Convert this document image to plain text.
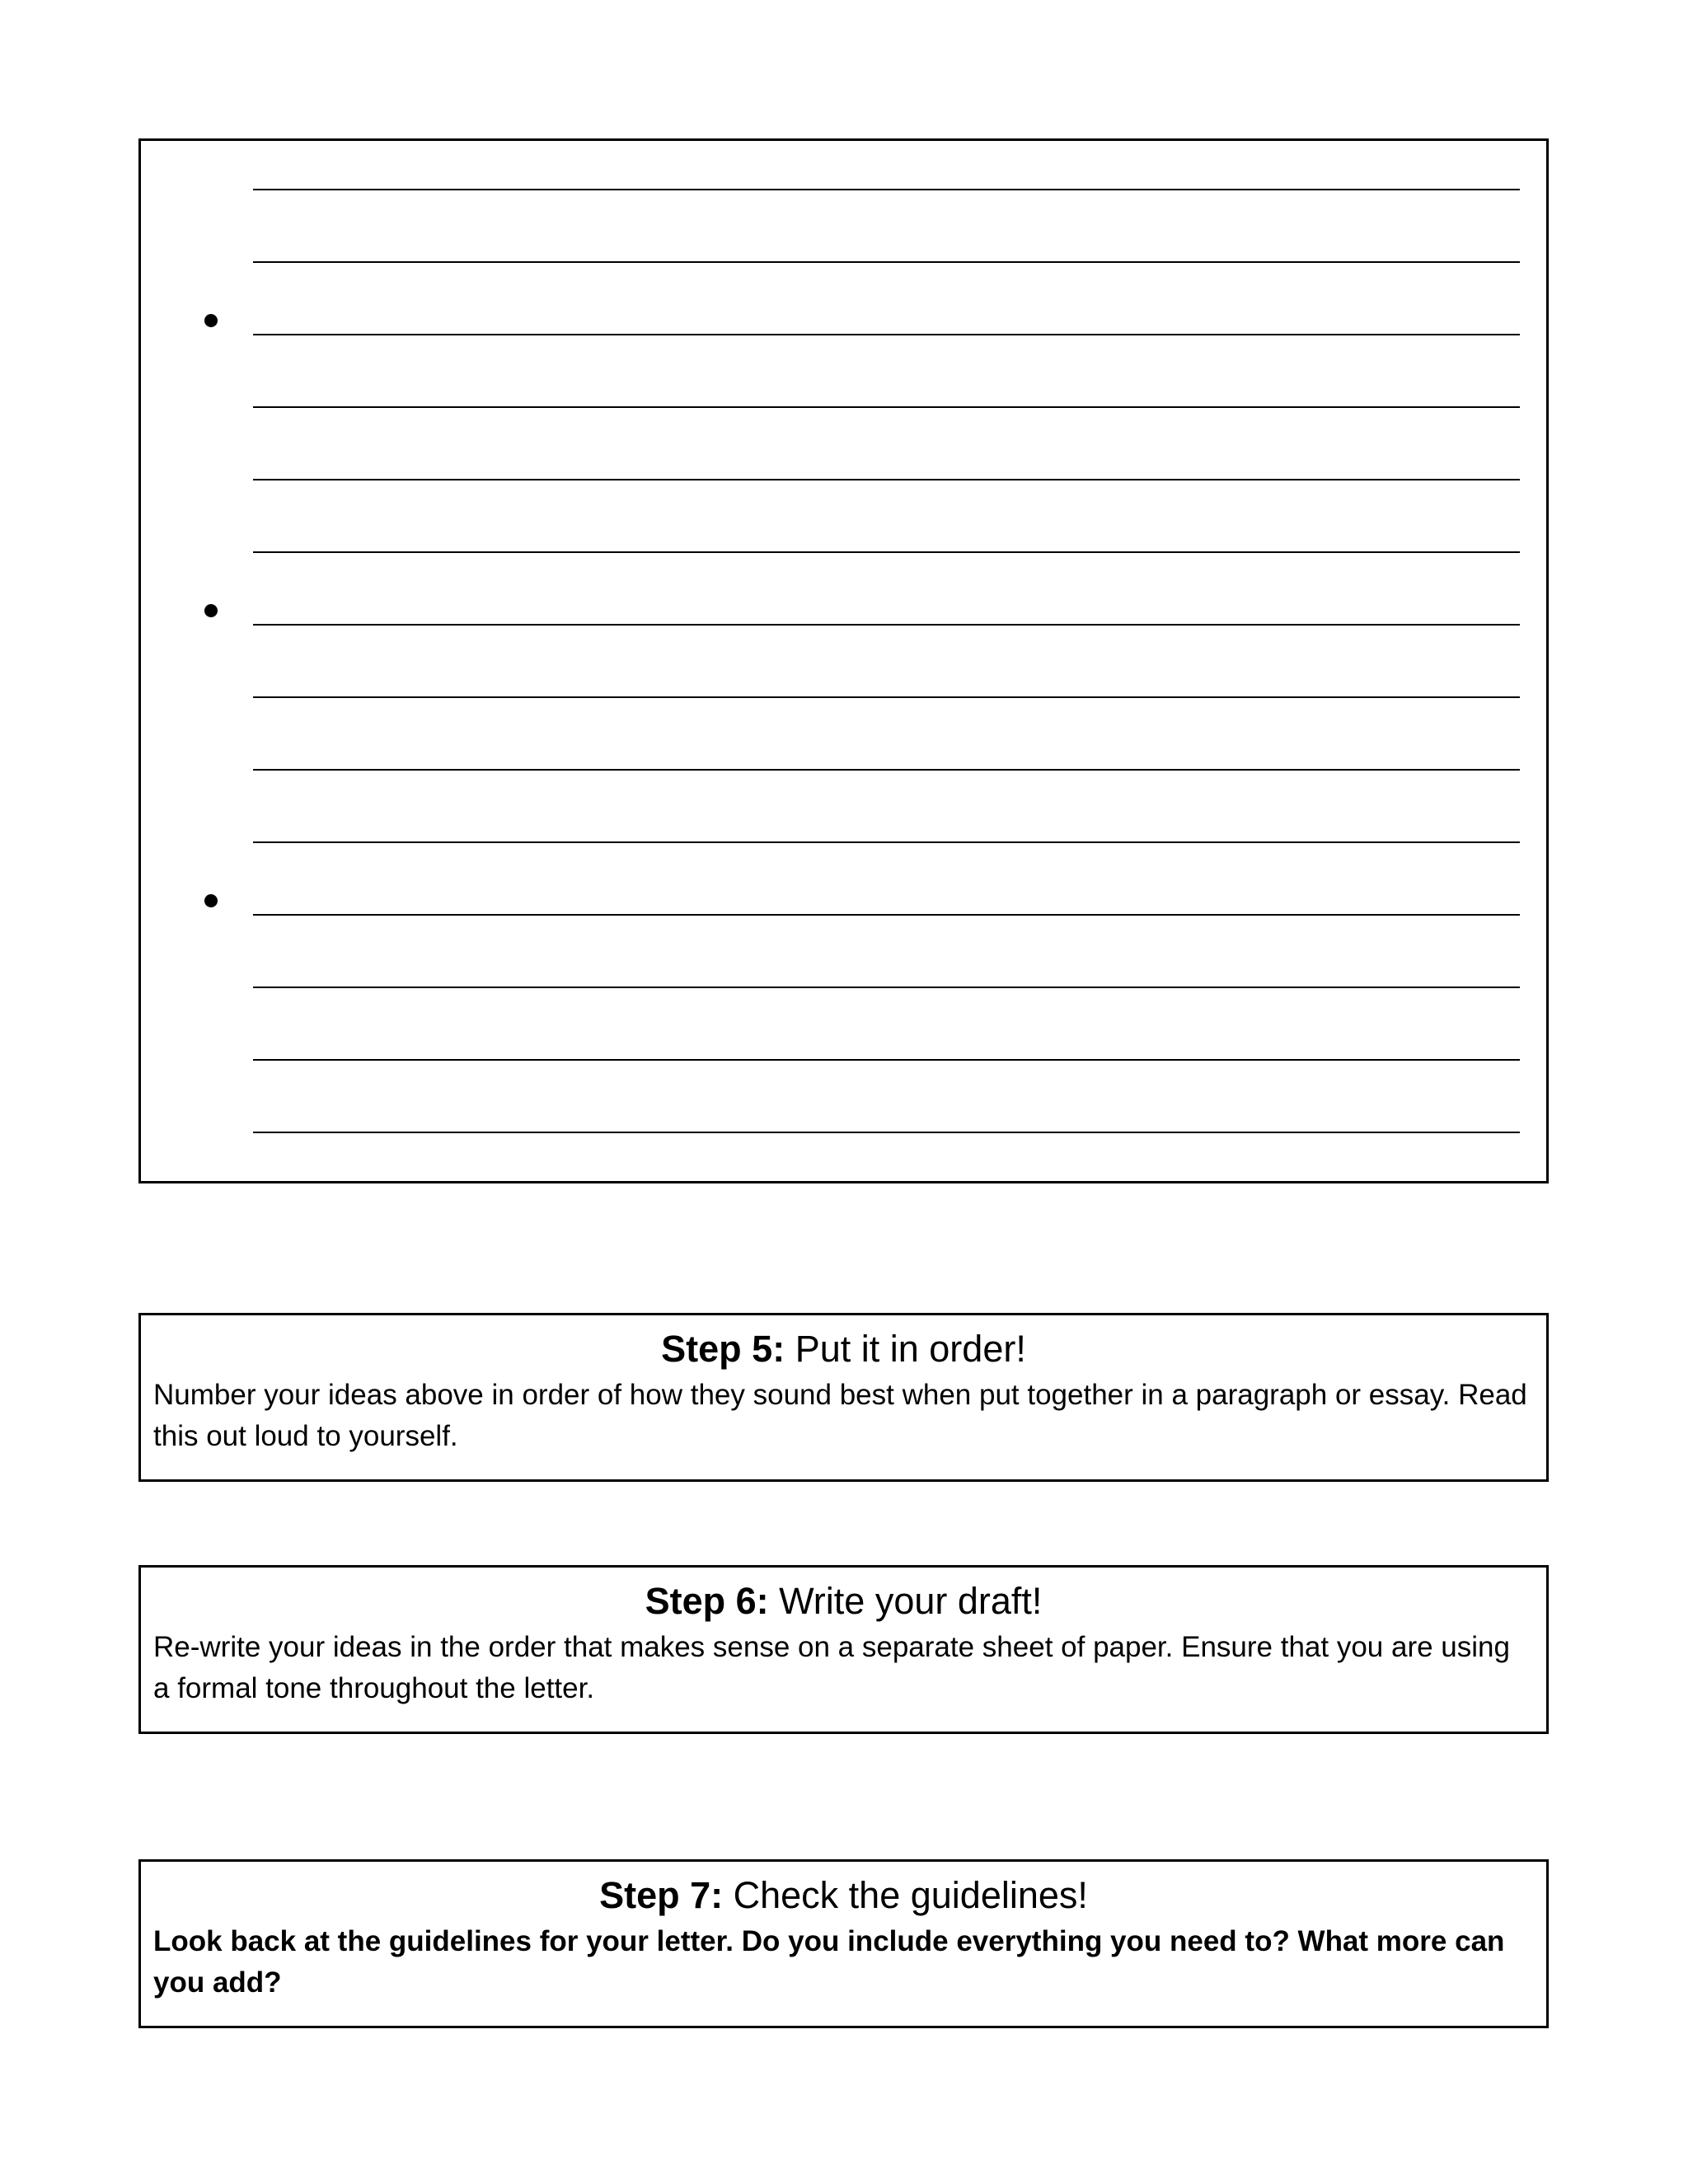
Step 5: Put it in order!

Number your ideas above in order of how they sound best when put together in a paragraph or essay. Read this out loud to yourself.

Step 6: Write your draft!

Re-write your ideas in the order that makes sense on a separate sheet of paper. Ensure that you are using a formal tone throughout the letter.

Step 7: Check the guidelines!

Look back at the guidelines for your letter. Do you include everything you need to? What more can you add?
